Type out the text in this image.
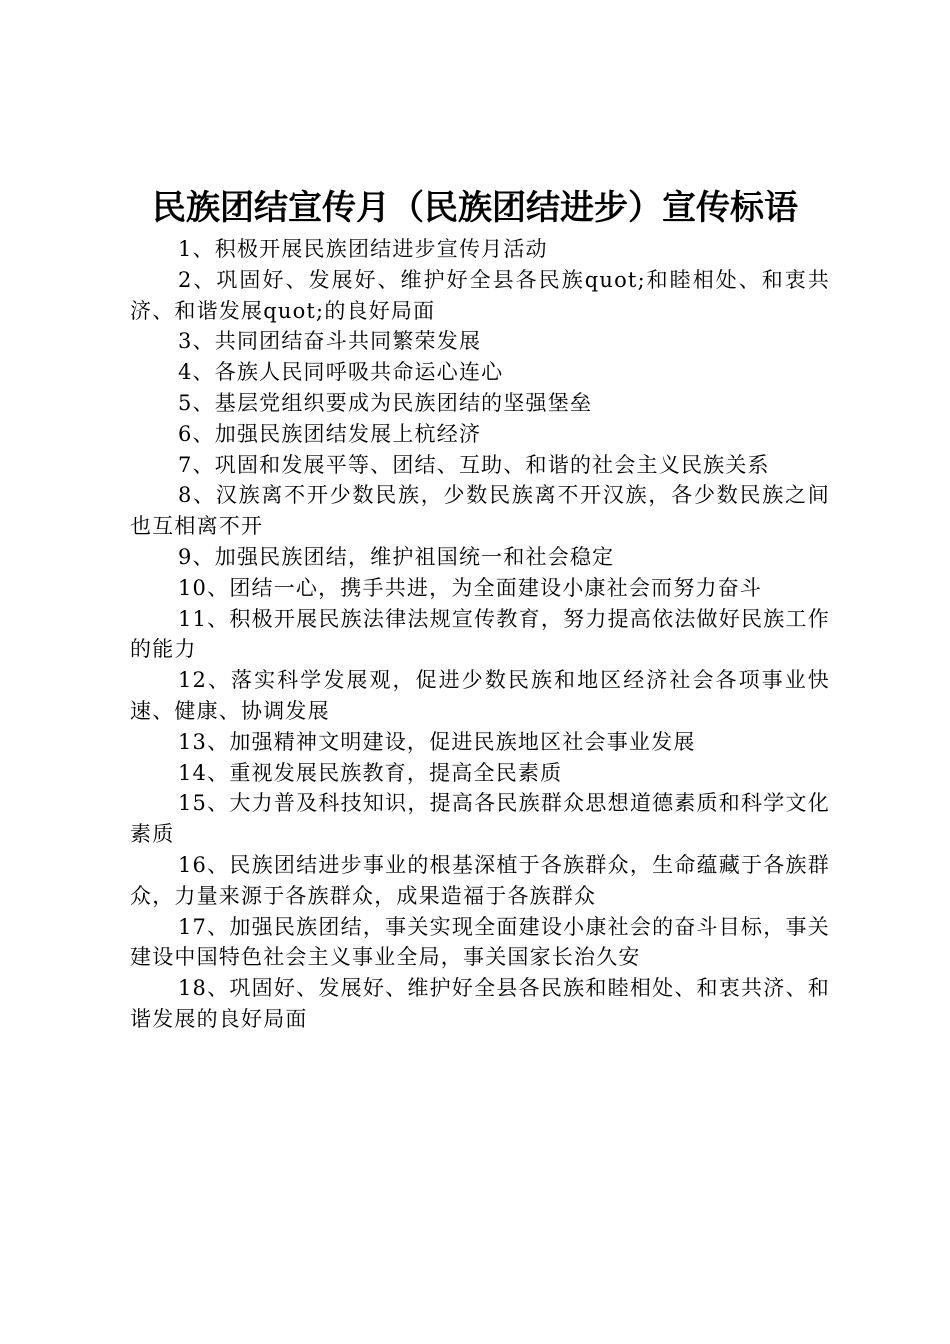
民族团结宣传月（民族团结进步）宣传标语

1、积极开展民族团结进步宣传月活动

2、巩固好、发展好、维护好全县各民族quot;和睦相处、和衷共济、和谐发展quot;的良好局面

3、共同团结奋斗共同繁荣发展

4、各族人民同呼吸共命运心连心

5、基层党组织要成为民族团结的坚强堡垒

6、加强民族团结发展上杭经济

7、巩固和发展平等、团结、互助、和谐的社会主义民族关系

8、汉族离不开少数民族，少数民族离不开汉族，各少数民族之间也互相离不开

9、加强民族团结，维护祖国统一和社会稳定

10、团结一心，携手共进，为全面建设小康社会而努力奋斗

11、积极开展民族法律法规宣传教育，努力提高依法做好民族工作的能力

12、落实科学发展观，促进少数民族和地区经济社会各项事业快速、健康、协调发展

13、加强精神文明建设，促进民族地区社会事业发展

14、重视发展民族教育，提高全民素质

15、大力普及科技知识，提高各民族群众思想道德素质和科学文化素质

16、民族团结进步事业的根基深植于各族群众，生命蕴藏于各族群众，力量来源于各族群众，成果造福于各族群众

17、加强民族团结，事关实现全面建设小康社会的奋斗目标，事关建设中国特色社会主义事业全局，事关国家长治久安

18、巩固好、发展好、维护好全县各民族和睦相处、和衷共济、和谐发展的良好局面
